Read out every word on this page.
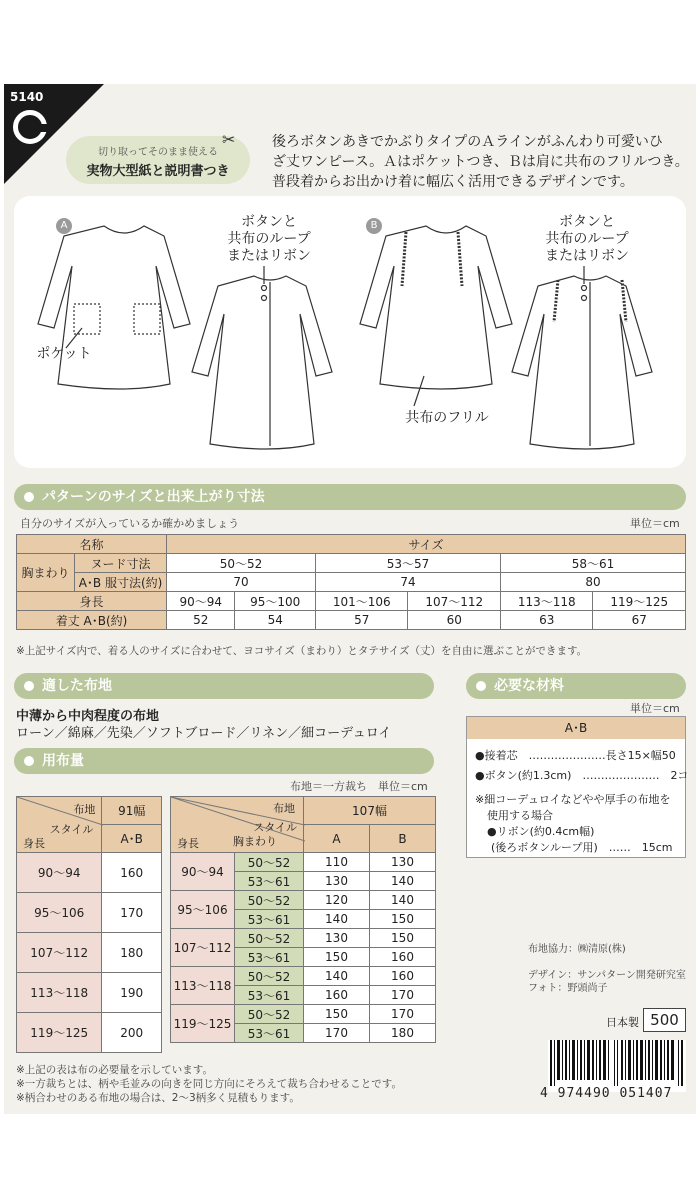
5140
切り取ってそのまま使える
実物大型紙と説明書つき
✂	後ろボタンあきでかぶりタイプのＡラインがふんわり可愛いひ
ざ丈ワンピース。Ａはポケットつき、Ｂは肩に共布のフリルつき。
普段着からお出かけ着に幅広く活用できるデザインです。
A	B
ボタンと
共布のループ
またはリボン
ボタンと
共布のループ
またはリボン
ポケット
共布のフリル
パターンのサイズと出来上がり寸法
自分のサイズが入っているか確かめましょう	単位＝cm
名称		サイズ					
胸まわり	ヌード寸法	50〜52		53〜57		58〜61	
	A･B 服寸法(約)	70		74		80	
身長		90〜94	95〜100	101〜106	107〜112	113〜118	119〜125
着丈 A･B(約)		52	54	57	60	63	67
※上記サイズ内で、着る人のサイズに合わせて、ヨコサイズ（まわり）とタテサイズ（丈）を自由に選ぶことができます。
適した布地
中薄から中肉程度の布地
ローン／綿麻／先染／ソフトブロード／リネン／細コーデュロイ
必要な材料
単位＝cm
A･B
●接着芯　…………………長さ15×幅50
●ボタン(約1.3cm)　…………………　2コ
※細コーデュロイなどやや厚手の布地を
使用する場合
●リボン(約0.4cm幅)
(後ろボタンループ用)　……　15cm
用布量
布地＝一方裁ち　単位＝cm
布地
スタイル
身長	91幅
	A･B
90〜94	160
95〜106	170
107〜112	180
113〜118	190
119〜125	200
布地
スタイル
胸まわり
身長		107幅	
		A	B
90〜94	50〜52	110	130
	53〜61	130	140
95〜106	50〜52	120	140
	53〜61	140	150
107〜112	50〜52	130	150
	53〜61	150	160
113〜118	50〜52	140	160
	53〜61	160	170
119〜125	50〜52	150	170
	53〜61	170	180
※上記の表は布の必要量を示しています。
※一方裁ちとは、柄や毛並みの向きを同じ方向にそろえて裁ち合わせることです。
※柄合わせのある布地の場合は、2〜3柄多く見積もります。
布地協力：㈱清原(株)
デザイン：サンパターン開発研究室
フォト：野頭尚子
日本製 500
4 974490 051407
